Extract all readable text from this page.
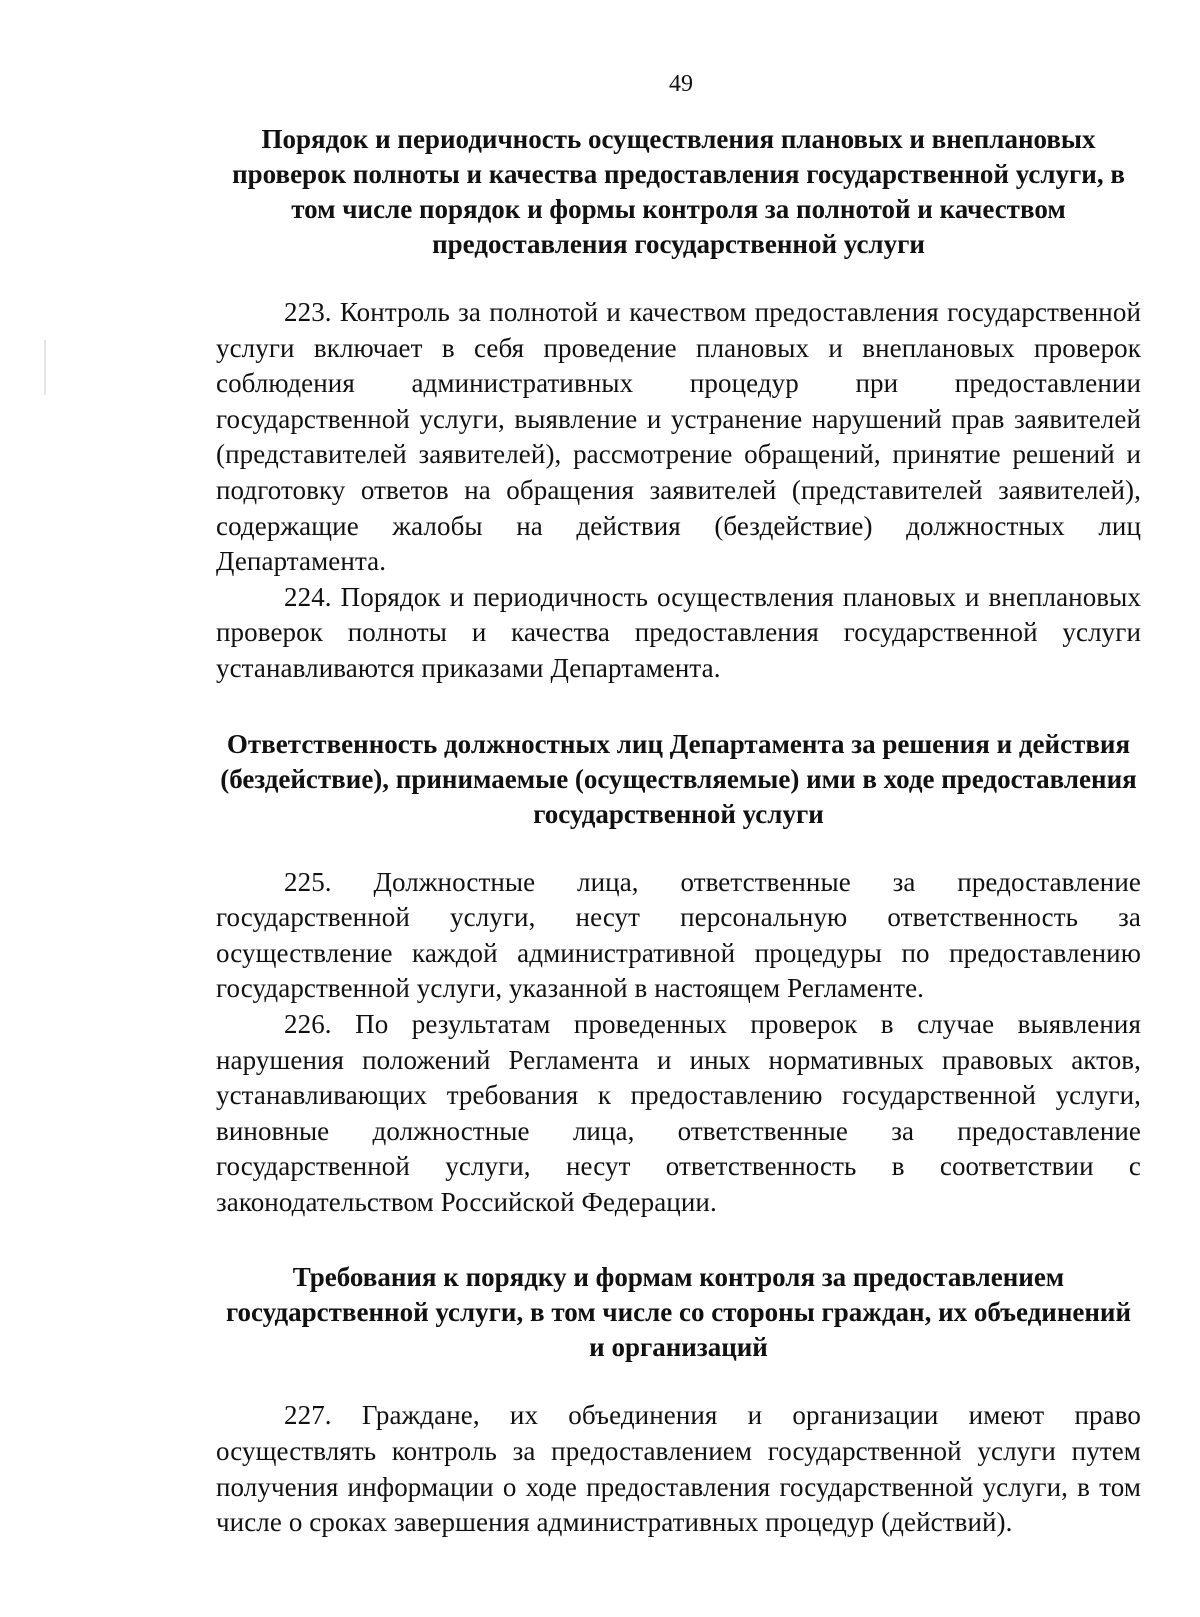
49
Порядок и периодичность осуществления плановых и внеплановых проверок полноты и качества предоставления государственной услуги, в том числе порядок и формы контроля за полнотой и качеством предоставления государственной услуги

223. Контроль за полнотой и качеством предоставления государственной услуги включает в себя проведение плановых и внеплановых проверок соблюдения административных процедур при предоставлении государственной услуги, выявление и устранение нарушений прав заявителей (представителей заявителей), рассмотрение обращений, принятие решений и подготовку ответов на обращения заявителей (представителей заявителей), содержащие жалобы на действия (бездействие) должностных лиц Департамента.

224. Порядок и периодичность осуществления плановых и внеплановых проверок полноты и качества предоставления государственной услуги устанавливаются приказами Департамента.

Ответственность должностных лиц Департамента за решения и действия (бездействие), принимаемые (осуществляемые) ими в ходе предоставления государственной услуги

225. Должностные лица, ответственные за предоставление государственной услуги, несут персональную ответственность за осуществление каждой административной процедуры по предоставлению государственной услуги, указанной в настоящем Регламенте.

226. По результатам проведенных проверок в случае выявления нарушения положений Регламента и иных нормативных правовых актов, устанавливающих требования к предоставлению государственной услуги, виновные должностные лица, ответственные за предоставление государственной услуги, несут ответственность в соответствии с законодательством Российской Федерации.

Требования к порядку и формам контроля за предоставлением государственной услуги, в том числе со стороны граждан, их объединений и организаций

227. Граждане, их объединения и организации имеют право осуществлять контроль за предоставлением государственной услуги путем получения информации о ходе предоставления государственной услуги, в том числе о сроках завершения административных процедур (действий).
